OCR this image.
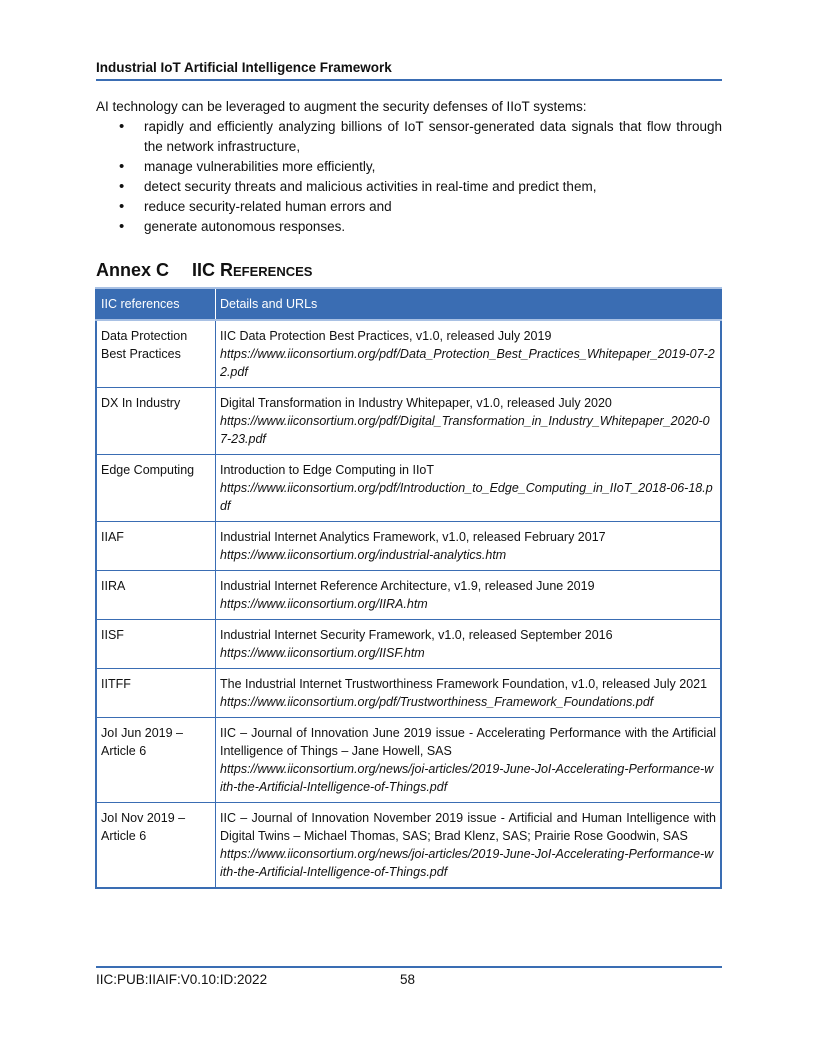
Industrial IoT Artificial Intelligence Framework
AI technology can be leveraged to augment the security defenses of IIoT systems:
• rapidly and efficiently analyzing billions of IoT sensor-generated data signals that flow through the network infrastructure,
• manage vulnerabilities more efficiently,
• detect security threats and malicious activities in real-time and predict them,
• reduce security-related human errors and
• generate autonomous responses.
Annex C IIC References
IIC references	Details and URLs
Data Protection Best Practices	IIC Data Protection Best Practices, v1.0, released July 2019
https://www.iiconsortium.org/pdf/Data_Protection_Best_Practices_Whitepaper_2019-07-22.pdf

DX In Industry	Digital Transformation in Industry Whitepaper, v1.0, released July 2020
https://www.iiconsortium.org/pdf/Digital_Transformation_in_Industry_Whitepaper_2020-07-23.pdf

Edge Computing	Introduction to Edge Computing in IIoT
https://www.iiconsortium.org/pdf/Introduction_to_Edge_Computing_in_IIoT_2018-06-18.pdf

IIAF	Industrial Internet Analytics Framework, v1.0, released February 2017
https://www.iiconsortium.org/industrial-analytics.htm

IIRA	Industrial Internet Reference Architecture, v1.9, released June 2019
https://www.iiconsortium.org/IIRA.htm

IISF	Industrial Internet Security Framework, v1.0, released September 2016
https://www.iiconsortium.org/IISF.htm

IITFF	The Industrial Internet Trustworthiness Framework Foundation, v1.0, released July 2021
https://www.iiconsortium.org/pdf/Trustworthiness_Framework_Foundations.pdf

JoI Jun 2019 – Article 6	IIC – Journal of Innovation June 2019 issue - Accelerating Performance with the Artificial Intelligence of Things – Jane Howell, SAS
https://www.iiconsortium.org/news/joi-articles/2019-June-JoI-Accelerating-Performance-with-the-Artificial-Intelligence-of-Things.pdf

JoI Nov 2019 – Article 6	IIC – Journal of Innovation November 2019 issue - Artificial and Human Intelligence with Digital Twins – Michael Thomas, SAS; Brad Klenz, SAS; Prairie Rose Goodwin, SAS
https://www.iiconsortium.org/news/joi-articles/2019-June-JoI-Accelerating-Performance-with-the-Artificial-Intelligence-of-Things.pdf
IIC:PUB:IIAIF:V0.10:ID:2022	58
